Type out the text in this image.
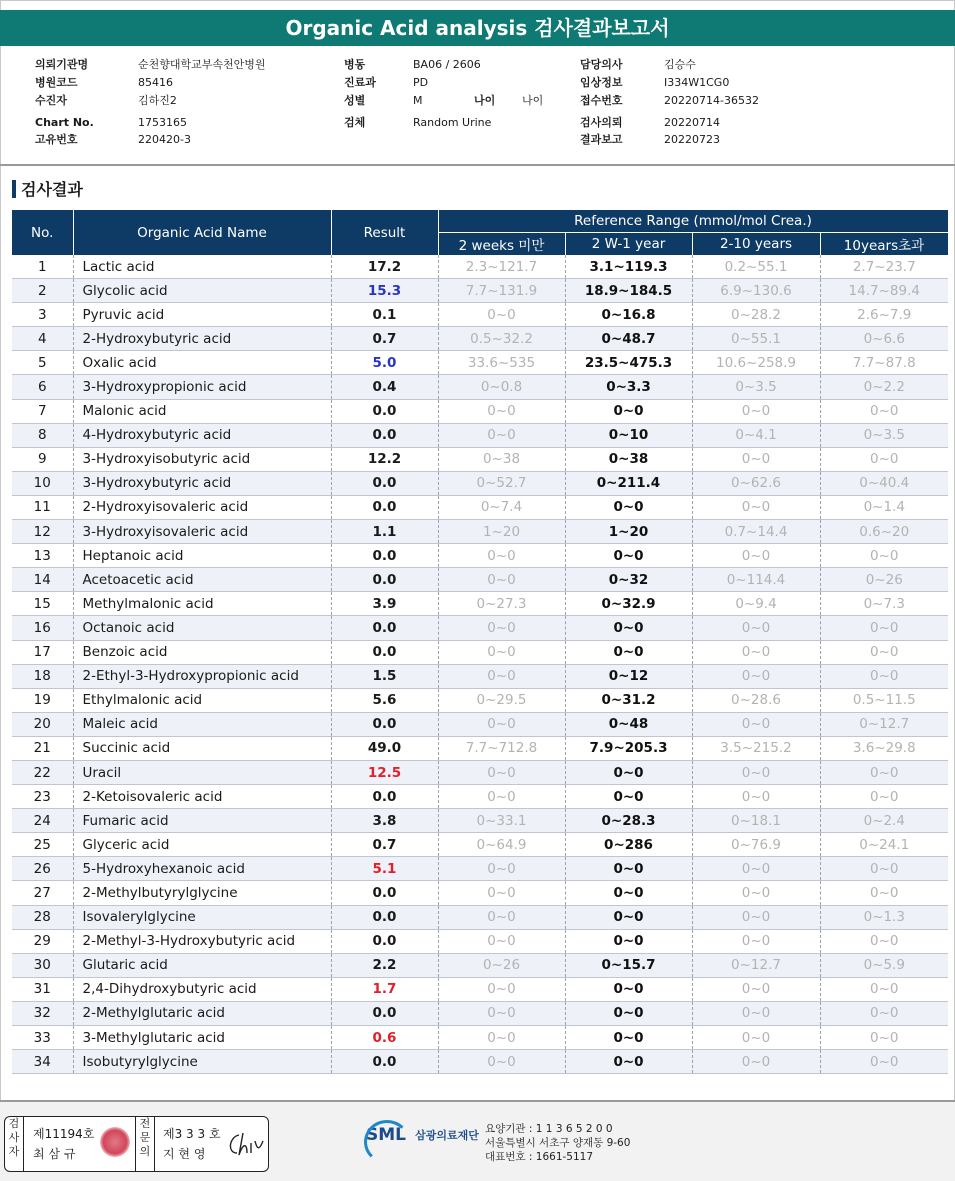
Organic Acid analysis 검사결과보고서
의뢰기관명	순천향대학교부속천안병원
병원코드	85416
수진자	김하진2
Chart No.	1753165
고유번호	220420-3
병동	BA06 / 2606
진료과	PD
성별	M
검체	Random Urine
담당의사	김승수
임상정보	I334W1CG0
접수번호	20220714-36532
검사의뢰	20220714
결과보고	20220723
나이 나이
검사결과
No.	Organic Acid Name	Result	Reference Range (mmol/mol Crea.)			
			2 weeks 미만	2 W-1 year	2-10 years	10years초과
1	Lactic acid	17.2	2.3~121.7	3.1~119.3	0.2~55.1	2.7~23.7
2	Glycolic acid	15.3	7.7~131.9	18.9~184.5	6.9~130.6	14.7~89.4
3	Pyruvic acid	0.1	0~0	0~16.8	0~28.2	2.6~7.9
4	2-Hydroxybutyric acid	0.7	0.5~32.2	0~48.7	0~55.1	0~6.6
5	Oxalic acid	5.0	33.6~535	23.5~475.3	10.6~258.9	7.7~87.8
6	3-Hydroxypropionic acid	0.4	0~0.8	0~3.3	0~3.5	0~2.2
7	Malonic acid	0.0	0~0	0~0	0~0	0~0
8	4-Hydroxybutyric acid	0.0	0~0	0~10	0~4.1	0~3.5
9	3-Hydroxyisobutyric acid	12.2	0~38	0~38	0~0	0~0
10	3-Hydroxybutyric acid	0.0	0~52.7	0~211.4	0~62.6	0~40.4
11	2-Hydroxyisovaleric acid	0.0	0~7.4	0~0	0~0	0~1.4
12	3-Hydroxyisovaleric acid	1.1	1~20	1~20	0.7~14.4	0.6~20
13	Heptanoic acid	0.0	0~0	0~0	0~0	0~0
14	Acetoacetic acid	0.0	0~0	0~32	0~114.4	0~26
15	Methylmalonic acid	3.9	0~27.3	0~32.9	0~9.4	0~7.3
16	Octanoic acid	0.0	0~0	0~0	0~0	0~0
17	Benzoic acid	0.0	0~0	0~0	0~0	0~0
18	2-Ethyl-3-Hydroxypropionic acid	1.5	0~0	0~12	0~0	0~0
19	Ethylmalonic acid	5.6	0~29.5	0~31.2	0~28.6	0.5~11.5
20	Maleic acid	0.0	0~0	0~48	0~0	0~12.7
21	Succinic acid	49.0	7.7~712.8	7.9~205.3	3.5~215.2	3.6~29.8
22	Uracil	12.5	0~0	0~0	0~0	0~0
23	2-Ketoisovaleric acid	0.0	0~0	0~0	0~0	0~0
24	Fumaric acid	3.8	0~33.1	0~28.3	0~18.1	0~2.4
25	Glyceric acid	0.7	0~64.9	0~286	0~76.9	0~24.1
26	5-Hydroxyhexanoic acid	5.1	0~0	0~0	0~0	0~0
27	2-Methylbutyrylglycine	0.0	0~0	0~0	0~0	0~0
28	Isovalerylglycine	0.0	0~0	0~0	0~0	0~1.3
29	2-Methyl-3-Hydroxybutyric acid	0.0	0~0	0~0	0~0	0~0
30	Glutaric acid	2.2	0~26	0~15.7	0~12.7	0~5.9
31	2,4-Dihydroxybutyric acid	1.7	0~0	0~0	0~0	0~0
32	2-Methylglutaric acid	0.0	0~0	0~0	0~0	0~0
33	3-Methylglutaric acid	0.6	0~0	0~0	0~0	0~0
34	Isobutyrylglycine	0.0	0~0	0~0	0~0	0~0
검
사
자
제11194호
최 삼 규
전
문
의
제3 3 3 호
지 현 영
SML 삼광의료재단 요양기관 : 1 1 3 6 5 2 0 0
서울특별시 서초구 양재동 9-60
대표번호 : 1661-5117
